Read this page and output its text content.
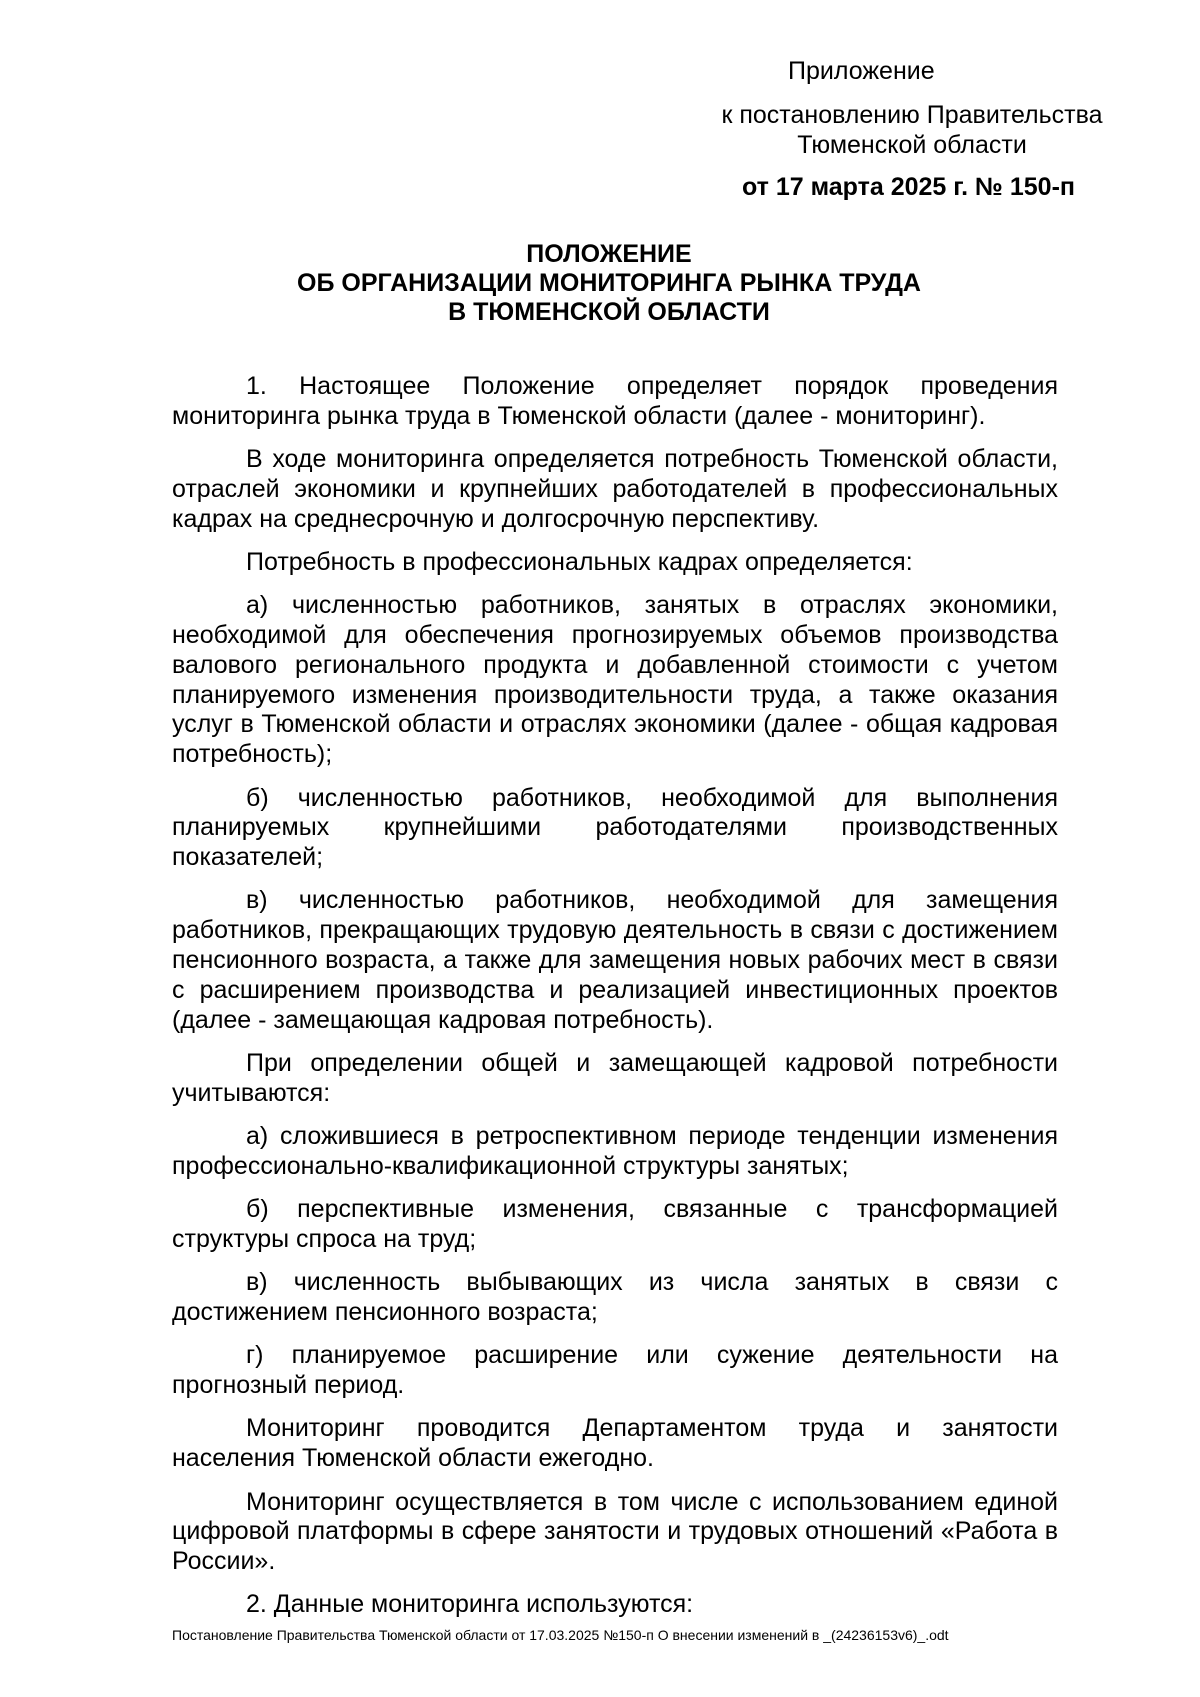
Приложение
к постановлению Правительства Тюменской области
от 17 марта 2025 г. № 150-п
ПОЛОЖЕНИЕ
ОБ ОРГАНИЗАЦИИ МОНИТОРИНГА РЫНКА ТРУДА
В ТЮМЕНСКОЙ ОБЛАСТИ

1. Настоящее Положение определяет порядок проведения мониторинга рынка труда в Тюменской области (далее - мониторинг).

В ходе мониторинга определяется потребность Тюменской области, отраслей экономики и крупнейших работодателей в профессиональных кадрах на среднесрочную и долгосрочную перспективу.

Потребность в профессиональных кадрах определяется:

а) численностью работников, занятых в отраслях экономики, необходимой для обеспечения прогнозируемых объемов производства валового регионального продукта и добавленной стоимости с учетом планируемого изменения производительности труда, а также оказания услуг в Тюменской области и отраслях экономики (далее - общая кадровая потребность);

б) численностью работников, необходимой для выполнения планируемых крупнейшими работодателями производственных показателей;

в) численностью работников, необходимой для замещения работников, прекращающих трудовую деятельность в связи с достижением пенсионного возраста, а также для замещения новых рабочих мест в связи с расширением производства и реализацией инвестиционных проектов (далее - замещающая кадровая потребность).

При определении общей и замещающей кадровой потребности учитываются:

а) сложившиеся в ретроспективном периоде тенденции изменения профессионально-квалификационной структуры занятых;

б) перспективные изменения, связанные с трансформацией структуры спроса на труд;

в) численность выбывающих из числа занятых в связи с достижением пенсионного возраста;

г) планируемое расширение или сужение деятельности на прогнозный период.

Мониторинг проводится Департаментом труда и занятости населения Тюменской области ежегодно.

Мониторинг осуществляется в том числе с использованием единой цифровой платформы в сфере занятости и трудовых отношений «Работа в России».

2. Данные мониторинга используются:

Постановление Правительства Тюменской области от 17.03.2025 №150-п О внесении изменений в _(24236153v6)_.odt
